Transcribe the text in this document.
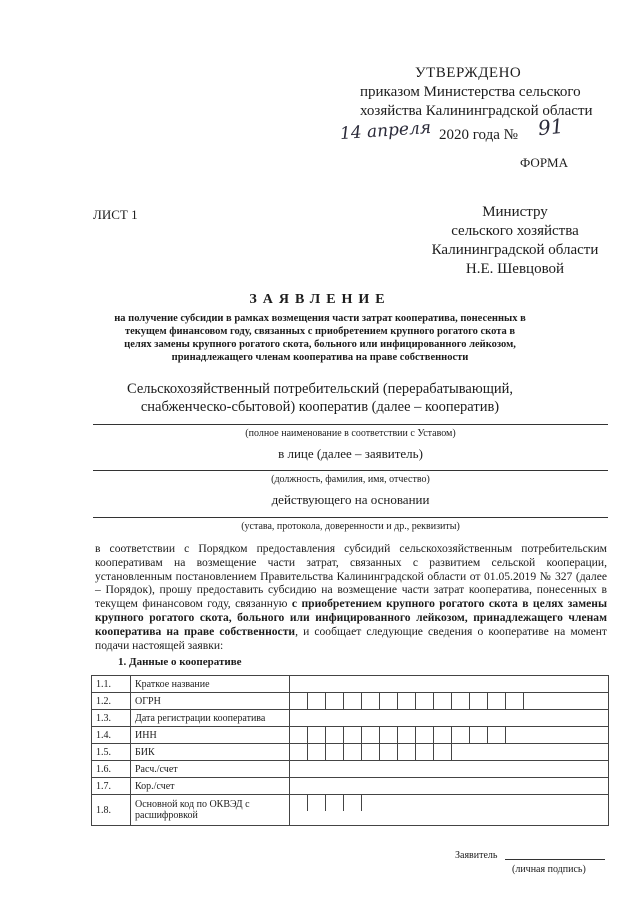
УТВЕРЖДЕНО
приказом Министерства сельского
хозяйства Калининградской области
14 апреля 2020 года № 91
ФОРМА
ЛИСТ 1	Министру
сельского хозяйства
Калининградской области
Н.Е. Шевцовой
ЗАЯВЛЕНИЕ
на получение субсидии в рамках возмещения части затрат кооператива, понесенных в текущем финансовом году, связанных с приобретением крупного рогатого скота в целях замены крупного рогатого скота, больного или инфицированного лейкозом, принадлежащего членам кооператива на праве собственности
Сельскохозяйственный потребительский (перерабатывающий, снабженческо-сбытовой) кооператив (далее – кооператив)
(полное наименование в соответствии с Уставом)
в лице (далее – заявитель)
(должность, фамилия, имя, отчество)
действующего на основании
(устава, протокола, доверенности и др., реквизиты)
в соответствии с Порядком предоставления субсидий сельскохозяйственным потребительским кооперативам на возмещение части затрат, связанных с развитием сельской кооперации, установленным постановлением Правительства Калининградской области от 01.05.2019 № 327 (далее – Порядок), прошу предоставить субсидию на возмещение части затрат кооператива, понесенных в текущем финансовом году, связанную с приобретением крупного рогатого скота в целях замены крупного рогатого скота, больного или инфицированного лейкозом, принадлежащего членам кооператива на праве собственности, и сообщает следующие сведения о кооперативе на момент подачи настоящей заявки:
1. Данные о кооперативе
1.1.	Краткое название	

1.2.	ОГРН	

1.3.	Дата регистрации кооператива	

1.4.	ИНН	

1.5.	БИК	

1.6.	Расч./счет	

1.7.	Кор./счет	

1.8.	Основной код по ОКВЭД с расшифровкой	
Заявитель
(личная подпись)
